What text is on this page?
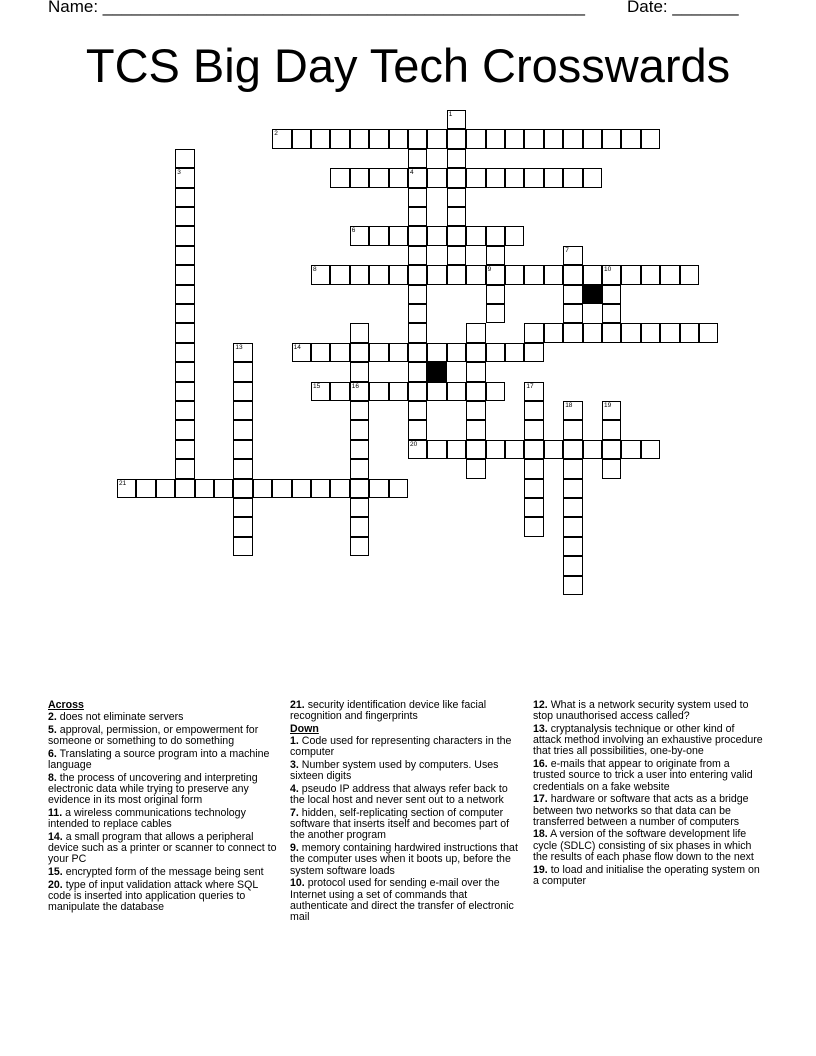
Name: ___________________________________________________ Date: _______
TCS Big Day Tech Crosswards
2
4
6
8	9	10
14
15	16
20
21
1
3
13
7
17
18	19
Across
2. does not eliminate servers
5. approval, permission, or empowerment for someone or something to do something
6. Translating a source program into a machine language
8. the process of uncovering and interpreting electronic data while trying to preserve any evidence in its most original form
11. a wireless communications technology intended to replace cables
14. a small program that allows a peripheral device such as a printer or scanner to connect to your PC
15. encrypted form of the message being sent
20. type of input validation attack where SQL code is inserted into application queries to manipulate the database
21. security identification device like facial recognition and fingerprints
Down
1. Code used for representing characters in the computer
3. Number system used by computers. Uses sixteen digits
4. pseudo IP address that always refer back to the local host and never sent out to a network
7. hidden, self-replicating section of computer software that inserts itself and becomes part of the another program
9. memory containing hardwired instructions that the computer uses when it boots up, before the system software loads
10. protocol used for sending e-mail over the Internet using a set of commands that authenticate and direct the transfer of electronic mail
12. What is a network security system used to stop unauthorised access called?
13. cryptanalysis technique or other kind of attack method involving an exhaustive procedure that tries all possibilities, one-by-one
16. e-mails that appear to originate from a trusted source to trick a user into entering valid credentials on a fake website
17. hardware or software that acts as a bridge between two networks so that data can be transferred between a number of computers
18. A version of the software development life cycle (SDLC) consisting of six phases in which the results of each phase flow down to the next
19. to load and initialise the operating system on a computer
